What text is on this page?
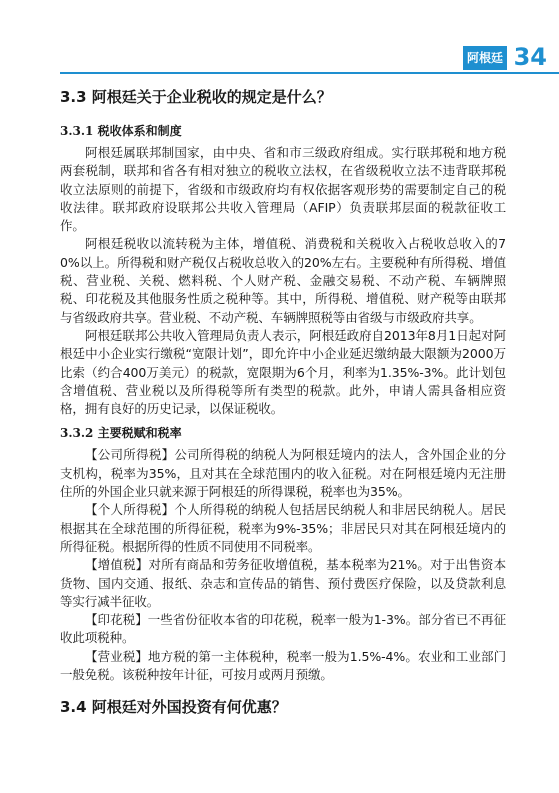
阿根廷 34
3.3 阿根廷关于企业税收的规定是什么？
3.3.1 税收体系和制度

阿根廷属联邦制国家，由中央、省和市三级政府组成。实行联邦税和地方税两套税制，联邦和省各有相对独立的税收立法权，在省级税收立法不违背联邦税收立法原则的前提下，省级和市级政府均有权依据客观形势的需要制定自己的税收法律。联邦政府设联邦公共收入管理局（AFIP）负责联邦层面的税款征收工作。

阿根廷税收以流转税为主体，增值税、消费税和关税收入占税收总收入的70%以上。所得税和财产税仅占税收总收入的20%左右。主要税种有所得税、增值税、营业税、关税、燃料税、个人财产税、金融交易税、不动产税、车辆牌照税、印花税及其他服务性质之税种等。其中，所得税、增值税、财产税等由联邦与省级政府共享。营业税、不动产税、车辆牌照税等由省级与市级政府共享。

阿根廷联邦公共收入管理局负责人表示，阿根廷政府自2013年8月1日起对阿根廷中小企业实行缴税“宽限计划”，即允许中小企业延迟缴纳最大限额为2000万比索（约合400万美元）的税款，宽限期为6个月，利率为1.35%-3%。此计划包含增值税、营业税以及所得税等所有类型的税款。此外，申请人需具备相应资格，拥有良好的历史记录，以保证税收。

3.3.2 主要税赋和税率

【公司所得税】公司所得税的纳税人为阿根廷境内的法人，含外国企业的分支机构，税率为35%，且对其在全球范围内的收入征税。对在阿根廷境内无注册住所的外国企业只就来源于阿根廷的所得课税，税率也为35%。

【个人所得税】个人所得税的纳税人包括居民纳税人和非居民纳税人。居民根据其在全球范围的所得征税，税率为9%-35%；非居民只对其在阿根廷境内的所得征税。根据所得的性质不同使用不同税率。

【增值税】对所有商品和劳务征收增值税，基本税率为21%。对于出售资本货物、国内交通、报纸、杂志和宣传品的销售、预付费医疗保险，以及贷款利息等实行减半征收。

【印花税】一些省份征收本省的印花税，税率一般为1-3%。部分省已不再征收此项税种。

【营业税】地方税的第一主体税种，税率一般为1.5%-4%。农业和工业部门一般免税。该税种按年计征，可按月或两月预缴。

3.4 阿根廷对外国投资有何优惠？
